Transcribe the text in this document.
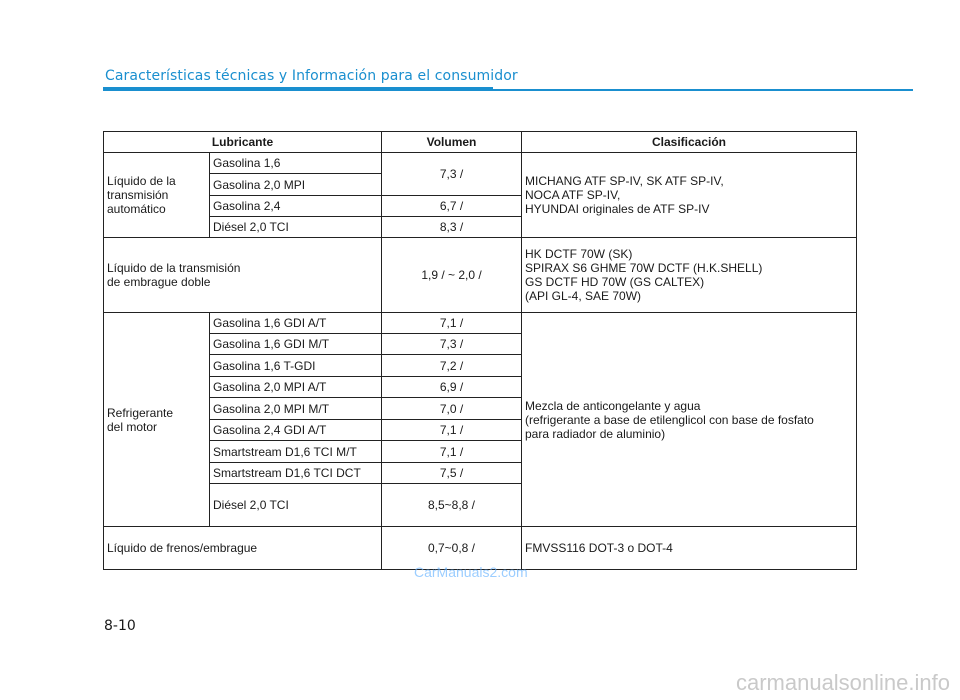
Características técnicas y Información para el consumidor
Lubricante		Volumen	Clasificación
Líquido de la
transmisión
automático	Gasolina 1,6	7,3 /	MICHANG ATF SP-IV, SK ATF SP-IV,
NOCA ATF SP-IV,
HYUNDAI originales de ATF SP-IV
	Gasolina 2,0 MPI		
	Gasolina 2,4	6,7 /	
	Diésel 2,0 TCI	8,3 /	
Líquido de la transmisión
de embrague doble		1,9 / ~ 2,0 /	HK DCTF 70W (SK)
SPIRAX S6 GHME 70W DCTF (H.K.SHELL)
GS DCTF HD 70W (GS CALTEX)
(API GL-4, SAE 70W)
Refrigerante
del motor	Gasolina 1,6 GDI A/T	7,1 /	Mezcla de anticongelante y agua
(refrigerante a base de etilenglicol con base de fosfato
para radiador de aluminio)
	Gasolina 1,6 GDI M/T	7,3 /	
	Gasolina 1,6 T-GDI	7,2 /	
	Gasolina 2,0 MPI A/T	6,9 /	
	Gasolina 2,0 MPI M/T	7,0 /	
	Gasolina 2,4 GDI A/T	7,1 /	
	Smartstream D1,6 TCI M/T	7,1 /	
	Smartstream D1,6 TCI DCT	7,5 /	
	Diésel 2,0 TCI	8,5~8,8 /	
Líquido de frenos/embrague		0,7~0,8 /	FMVSS116 DOT-3 o DOT-4
CarManuals2.com
8-10
carmanualsonline.info
